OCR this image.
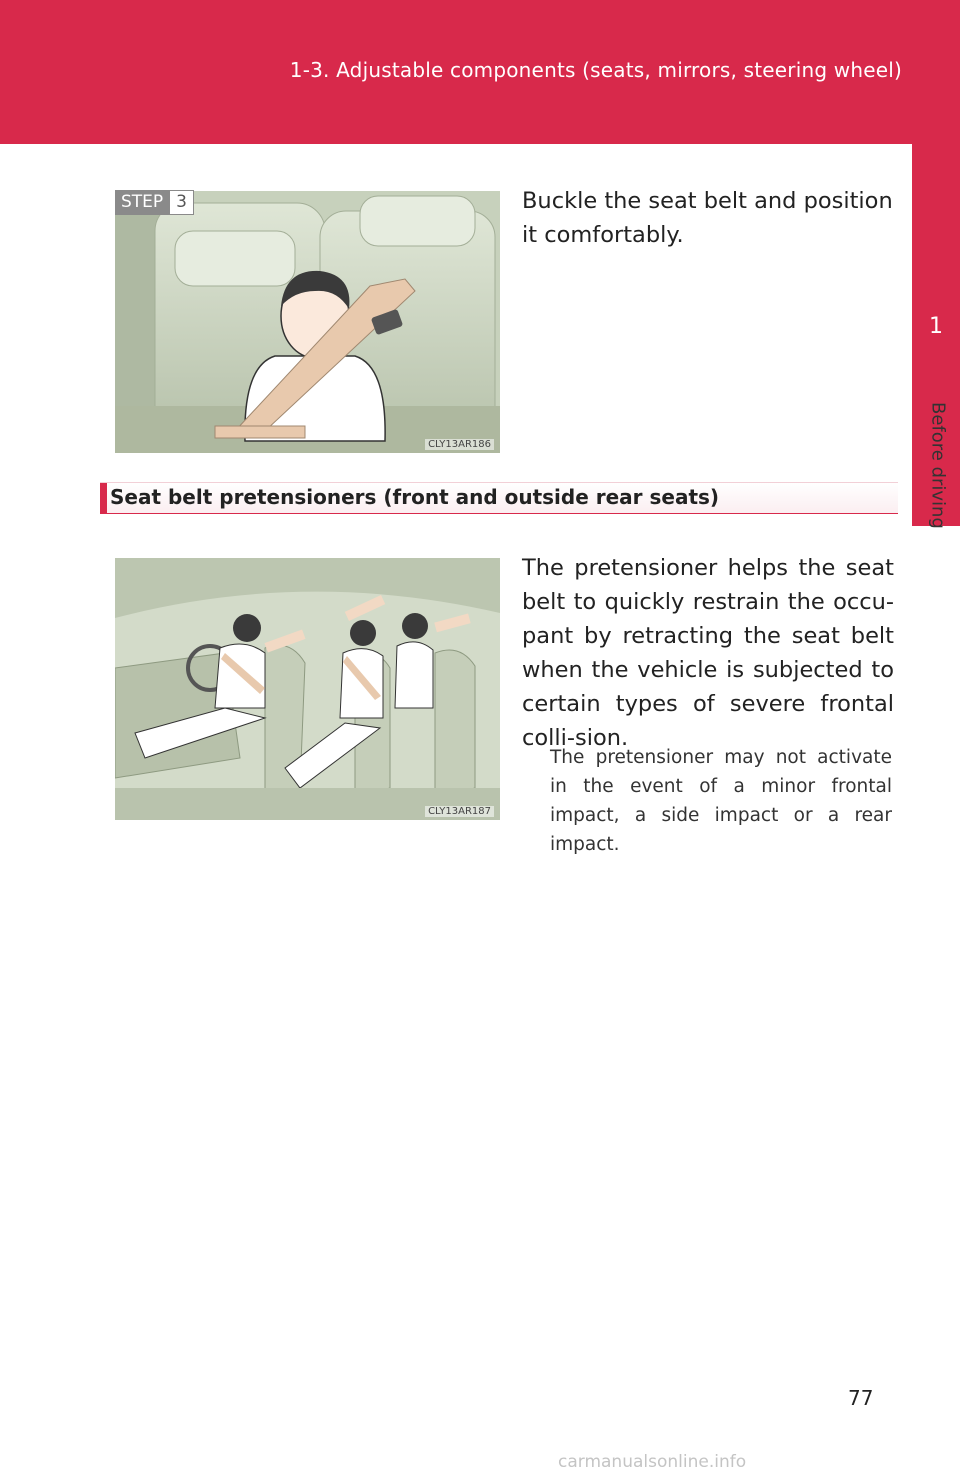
1-3. Adjustable components (seats, mirrors, steering wheel)
1
Before driving
CLY13AR186
STEP 3	Buckle the seat belt and position it comfortably.
Seat belt pretensioners (front and outside rear seats)
CLY13AR187
The pretensioner helps the seat belt to quickly restrain the occu-pant by retracting the seat belt when the vehicle is subjected to certain types of severe frontal colli-sion.
The pretensioner may not activate in the event of a minor frontal impact, a side impact or a rear impact.
77
carmanualsonline.info
